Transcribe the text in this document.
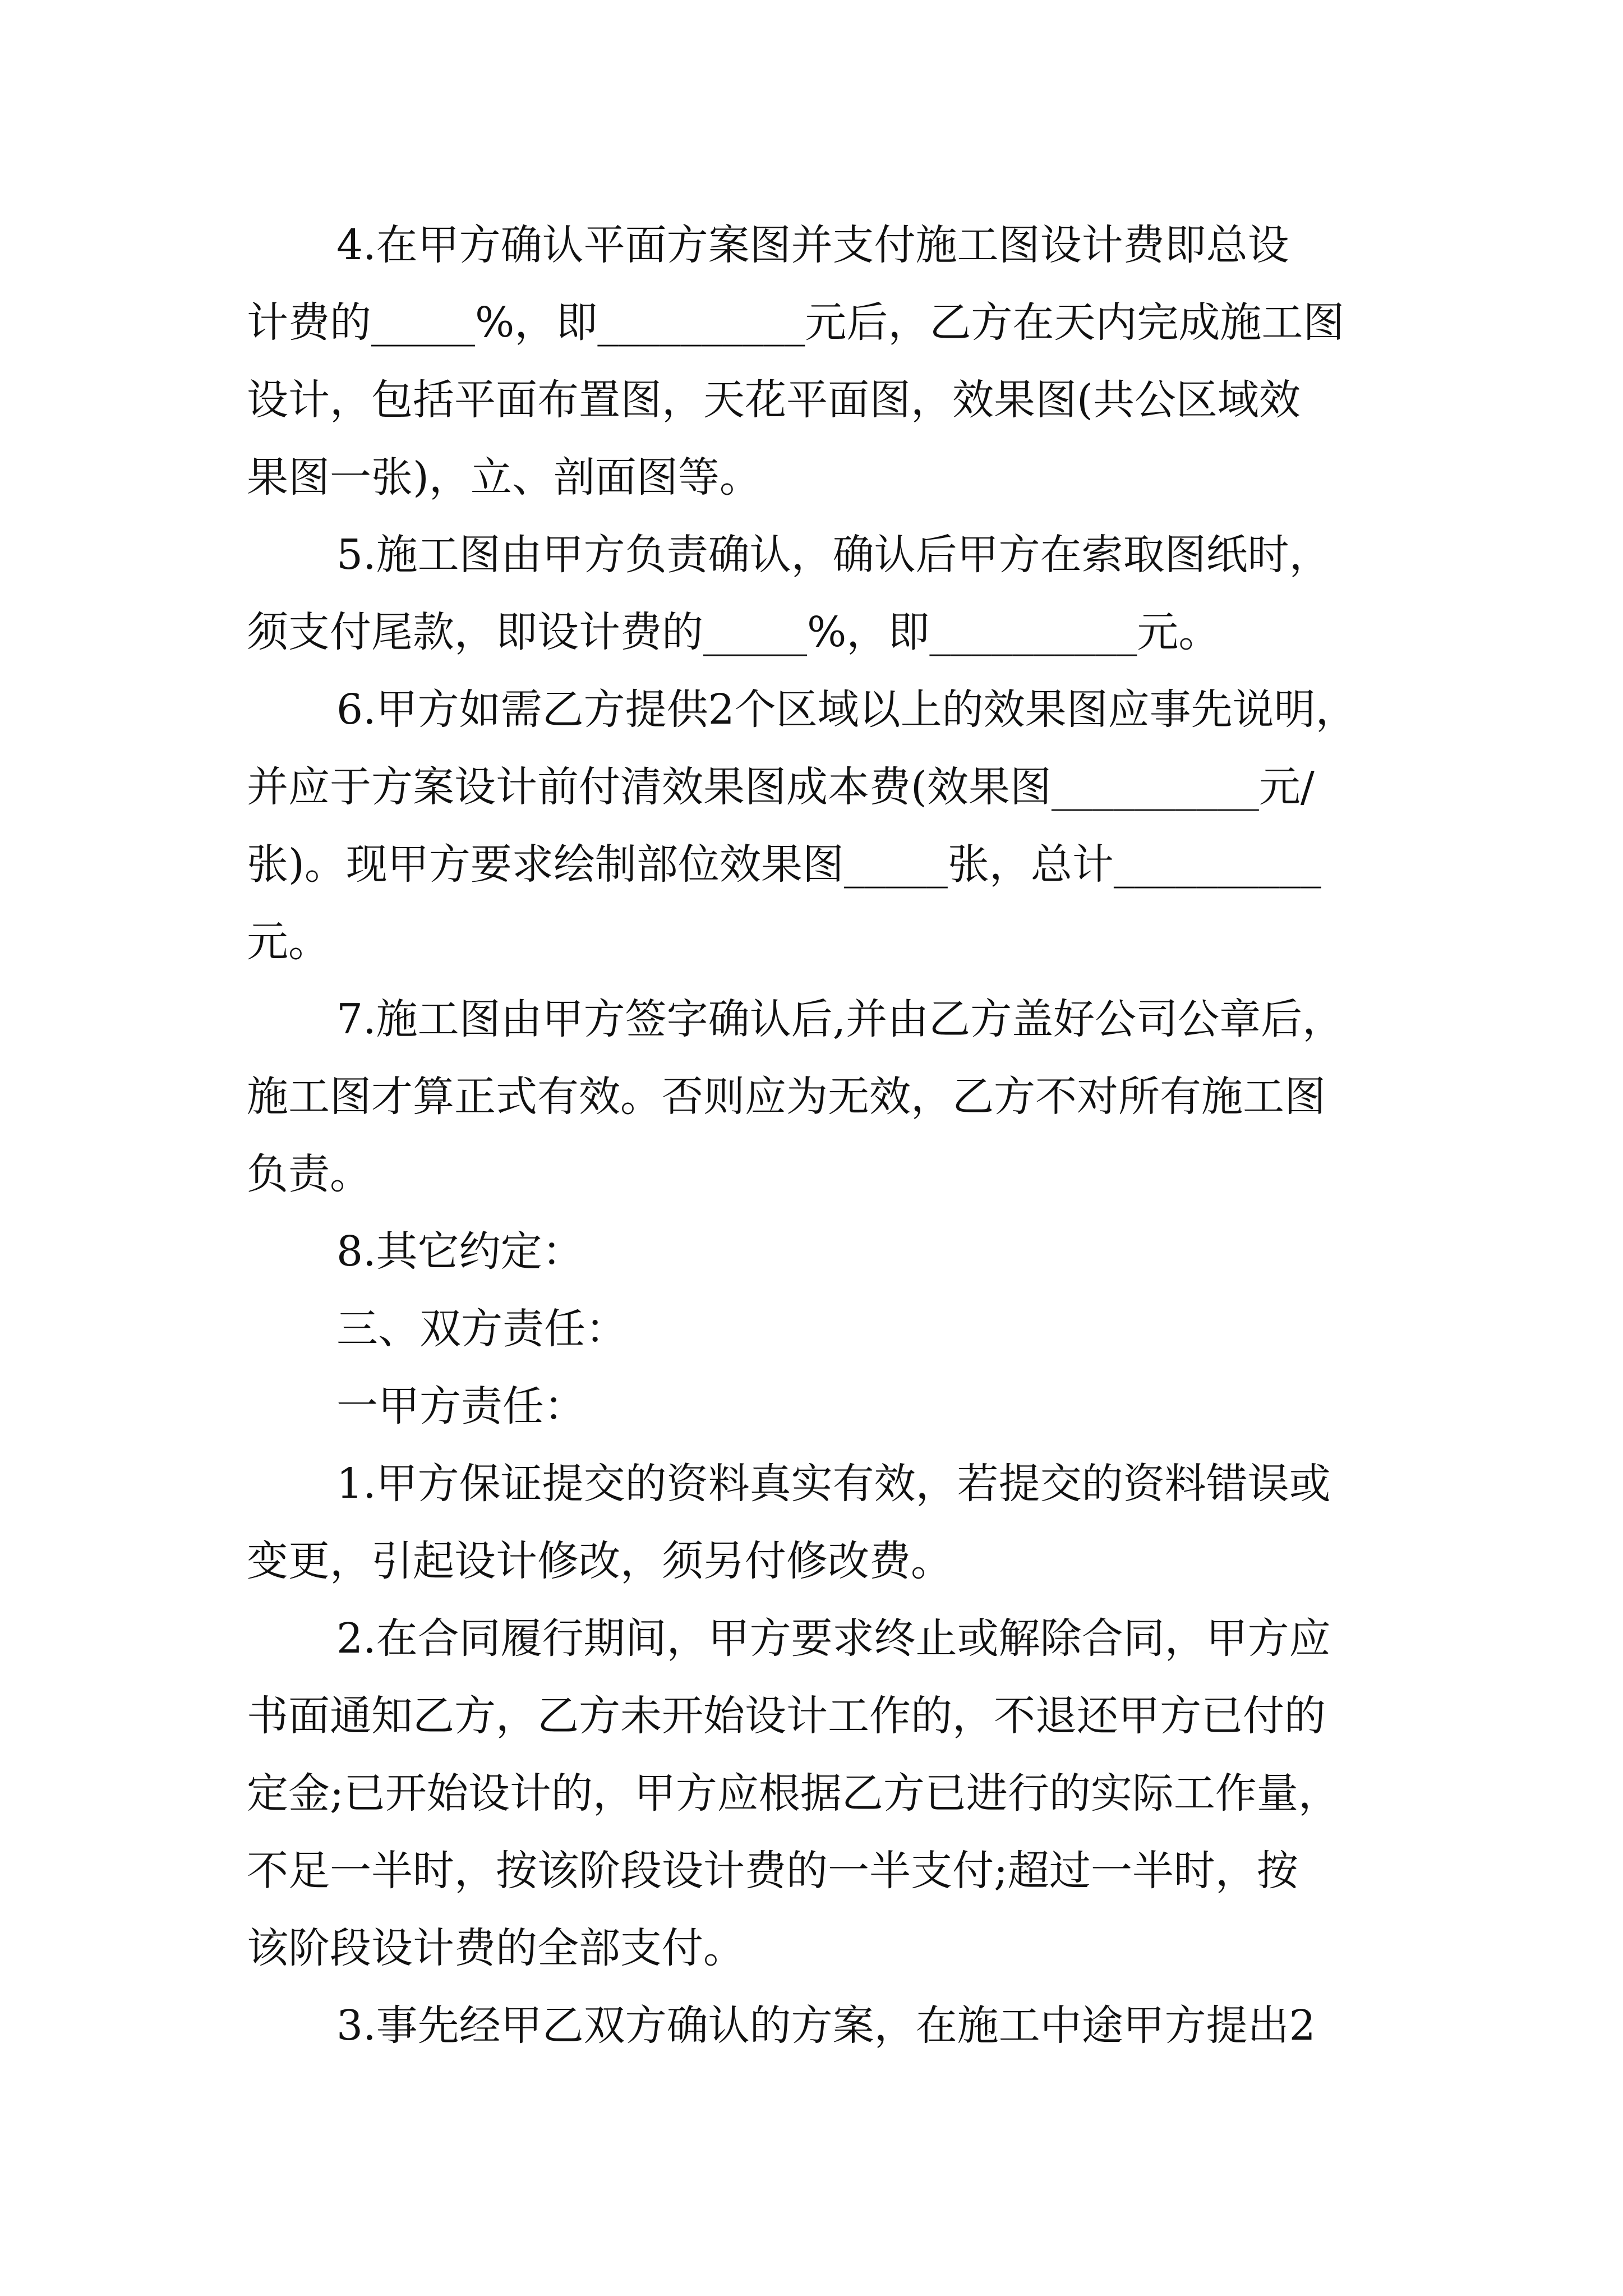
4.在甲方确认平面方案图并支付施工图设计费即总设
计费的_____%，即__________元后，乙方在天内完成施工图
设计，包括平面布置图，天花平面图，效果图(共公区域效
果图一张)，立、剖面图等。
5.施工图由甲方负责确认，确认后甲方在索取图纸时，
须支付尾款，即设计费的_____%，即__________元。
6.甲方如需乙方提供2个区域以上的效果图应事先说明，
并应于方案设计前付清效果图成本费(效果图__________元/
张)。现甲方要求绘制部位效果图_____张，总计__________
元。
7.施工图由甲方签字确认后,并由乙方盖好公司公章后，
施工图才算正式有效。否则应为无效，乙方不对所有施工图
负责。
8.其它约定：
三、双方责任：
一甲方责任：
1.甲方保证提交的资料真实有效，若提交的资料错误或
变更，引起设计修改，须另付修改费。
2.在合同履行期间，甲方要求终止或解除合同，甲方应
书面通知乙方，乙方未开始设计工作的，不退还甲方已付的
定金;已开始设计的，甲方应根据乙方已进行的实际工作量，
不足一半时，按该阶段设计费的一半支付;超过一半时，按
该阶段设计费的全部支付。
3.事先经甲乙双方确认的方案，在施工中途甲方提出2
